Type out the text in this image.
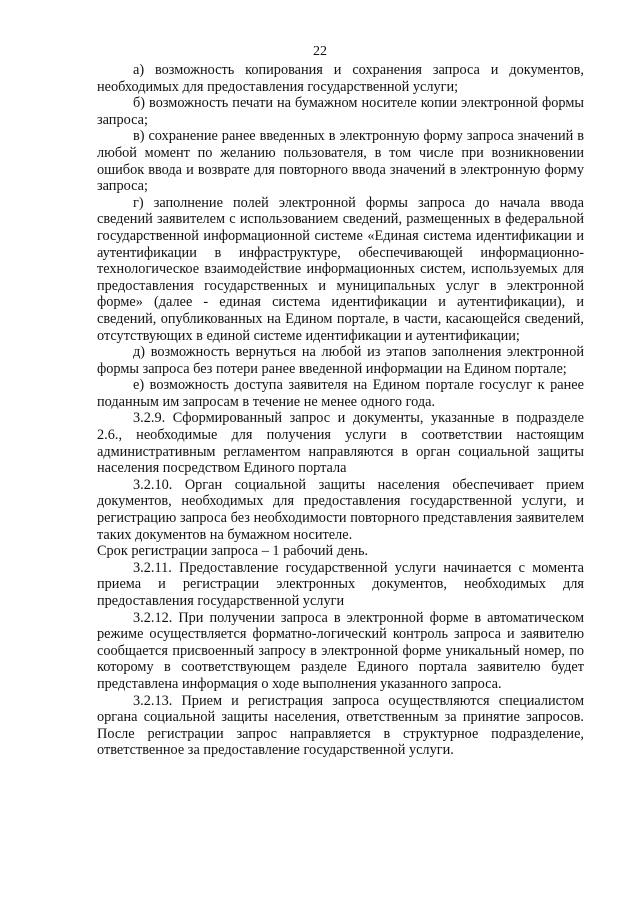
22

а) возможность копирования и сохранения запроса и документов, необходимых для предоставления государственной услуги;

б) возможность печати на бумажном носителе копии электронной формы запроса;

в) сохранение ранее введенных в электронную форму запроса значений в любой момент по желанию пользователя, в том числе при возникновении ошибок ввода и возврате для повторного ввода значений в электронную форму запроса;

г) заполнение полей электронной формы запроса до начала ввода сведений заявителем с использованием сведений, размещенных в федеральной государственной информационной системе «Единая система идентификации и аутентификации в инфраструктуре, обеспечивающей информационно-технологическое взаимодействие информационных систем, используемых для предоставления государственных и муниципальных услуг в электронной форме» (далее - единая система идентификации и аутентификации), и сведений, опубликованных на Едином портале, в части, касающейся сведений, отсутствующих в единой системе идентификации и аутентификации;

д) возможность вернуться на любой из этапов заполнения электронной формы запроса без потери ранее введенной информации на Едином портале;

е) возможность доступа заявителя на Едином портале госуслуг к ранее поданным им запросам в течение не менее одного года.

3.2.9. Сформированный запрос и документы, указанные в подразделе 2.6., необходимые для получения услуги в соответствии настоящим административным регламентом направляются в орган социальной защиты населения посредством Единого портала

3.2.10. Орган социальной защиты населения обеспечивает прием документов, необходимых для предоставления государственной услуги, и регистрацию запроса без необходимости повторного представления заявителем таких документов на бумажном носителе.

Срок регистрации запроса – 1 рабочий день.

3.2.11. Предоставление государственной услуги начинается с момента приема и регистрации электронных документов, необходимых для предоставления государственной услуги

3.2.12. При получении запроса в электронной форме в автоматическом режиме осуществляется форматно-логический контроль запроса и заявителю сообщается присвоенный запросу в электронной форме уникальный номер, по которому в соответствующем разделе Единого портала заявителю будет представлена информация о ходе выполнения указанного запроса.

3.2.13. Прием и регистрация запроса осуществляются специалистом органа социальной защиты населения, ответственным за принятие запросов. После регистрации запрос направляется в структурное подразделение, ответственное за предоставление государственной услуги.
